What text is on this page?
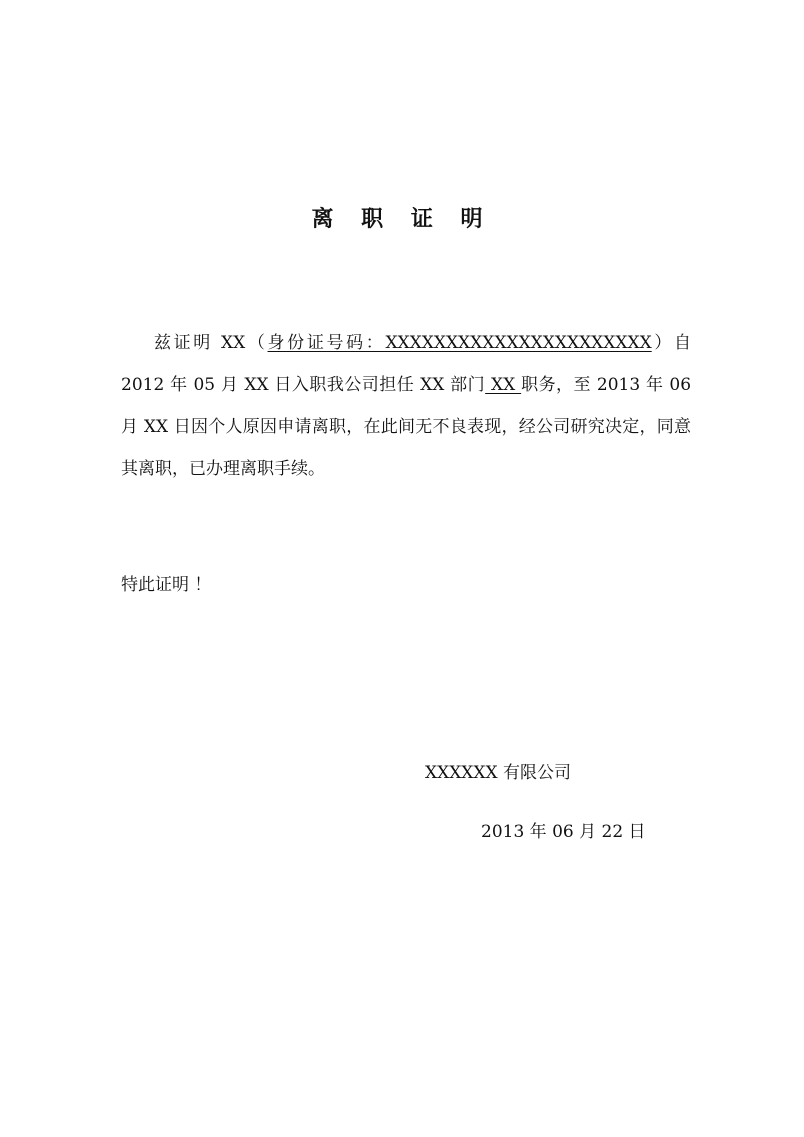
离 职 证 明

兹证明 XX（身份证号码：XXXXXXXXXXXXXXXXXXXXXX）自 2012 年 05 月 XX 日入职我公司担任 XX 部门 XX 职务，至 2013 年 06 月 XX 日因个人原因申请离职，在此间无不良表现，经公司研究决定，同意其离职，已办理离职手续。

特此证明 ！
XXXXXX 有限公司
2013 年 06 月 22 日
